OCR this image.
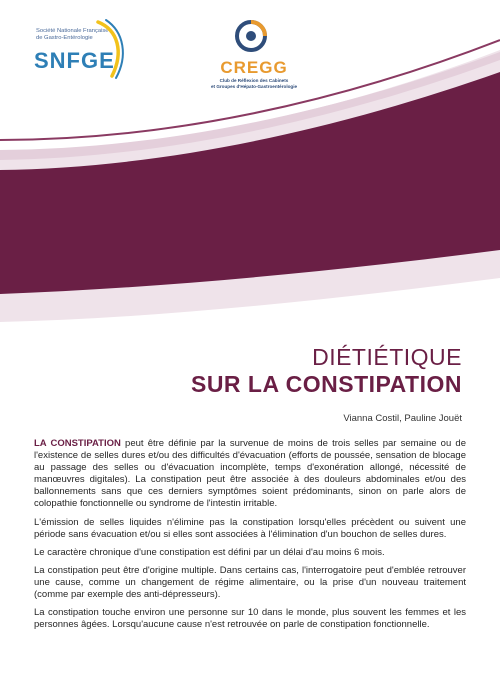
Société Nationale Française
de Gastro-Entérologie
SNFGE	CREGG
Club de Réflexion des Cabinets
et Groupes d'Hépato-Gastroentérologie
DIÉTIÉTIQUE
SUR LA CONSTIPATION
Vianna Costil, Pauline Jouët

LA CONSTIPATION peut être définie par la survenue de moins de trois selles par semaine ou de l'existence de selles dures et/ou des difficultés d'évacuation (efforts de poussée, sensation de blocage au passage des selles ou d'évacuation incomplète, temps d'exonération allongé, nécessité de manœuvres digitales). La constipation peut être associée à des douleurs abdominales et/ou des ballonnements sans que ces derniers symptômes soient prédominants, sinon on parle alors de colopathie fonctionnelle ou syndrome de l'intestin irritable.

L'émission de selles liquides n'élimine pas la constipation lorsqu'elles précèdent ou suivent une période sans évacuation et/ou si elles sont associées à l'élimination d'un bouchon de selles dures.

Le caractère chronique d'une constipation est défini par un délai d'au moins 6 mois.

La constipation peut être d'origine multiple. Dans certains cas, l'interrogatoire peut d'emblée retrouver une cause, comme un changement de régime alimentaire, ou la prise d'un nouveau traitement (comme par exemple des anti-dépresseurs).

La constipation touche environ une personne sur 10 dans le monde, plus souvent les femmes et les personnes âgées. Lorsqu'aucune cause n'est retrouvée on parle de constipation fonctionnelle.
